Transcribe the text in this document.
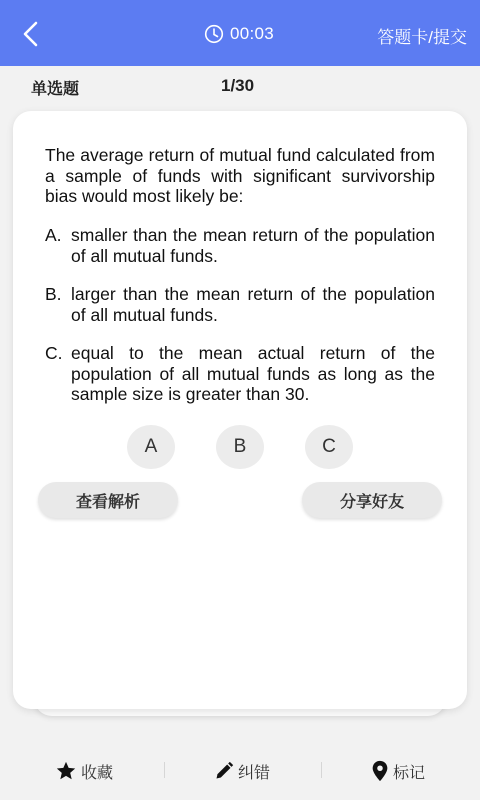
00:03	答题卡/提交
单选题	1/30
The average return of mutual fund calculated from a sample of funds with significant survivorship bias would most likely be:
A. smaller than the mean return of the population of all mutual funds.
B. larger than the mean return of the population of all mutual funds.
C. equal to the mean actual return of the population of all mutual funds as long as the sample size is greater than 30.
A	B	C
查看解析	分享好友
收藏	纠错	标记
